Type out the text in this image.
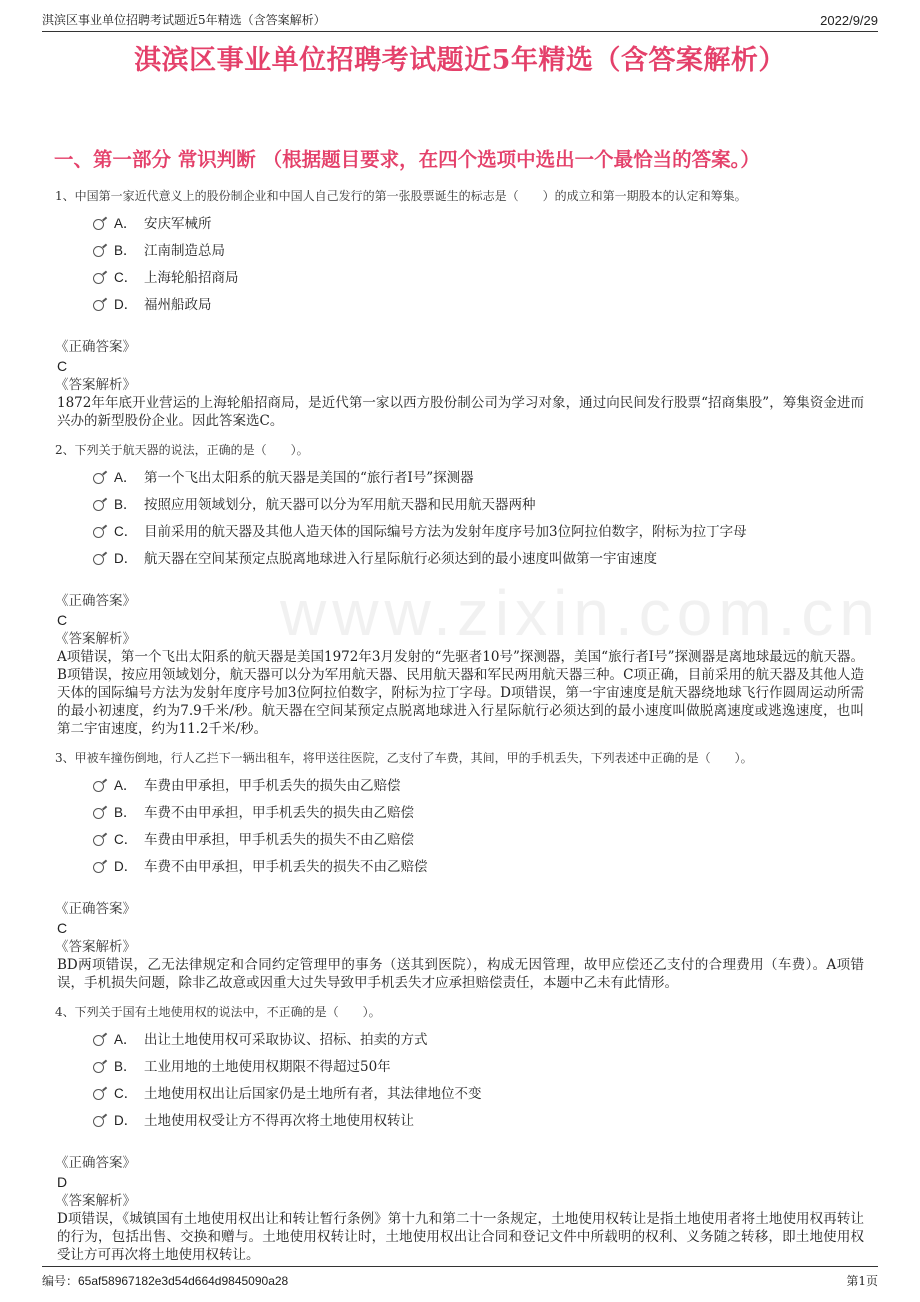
淇滨区事业单位招聘考试题近5年精选（含答案解析）	2022/9/29
淇滨区事业单位招聘考试题近5年精选（含答案解析）
一、第一部分 常识判断 （根据题目要求，在四个选项中选出一个最恰当的答案。）
www.zixin.com.cn
1、中国第一家近代意义上的股份制企业和中国人自己发行的第一张股票诞生的标志是（　　）的成立和第一期股本的认定和筹集。
A． 安庆军械所
B． 江南制造总局
C． 上海轮船招商局
D． 福州船政局
《正确答案》
C
《答案解析》
1872年年底开业营运的上海轮船招商局，是近代第一家以西方股份制公司为学习对象，通过向民间发行股票“招商集股”，筹集资金进而兴办的新型股份企业。因此答案选C。
2、下列关于航天器的说法，正确的是（　　）。
A． 第一个飞出太阳系的航天器是美国的“旅行者I号”探测器
B． 按照应用领域划分，航天器可以分为军用航天器和民用航天器两种
C． 目前采用的航天器及其他人造天体的国际编号方法为发射年度序号加3位阿拉伯数字，附标为拉丁字母
D． 航天器在空间某预定点脱离地球进入行星际航行必须达到的最小速度叫做第一宇宙速度
《正确答案》
C
《答案解析》
A项错误，第一个飞出太阳系的航天器是美国1972年3月发射的“先驱者10号”探测器，美国“旅行者I号”探测器是离地球最远的航天器。B项错误，按应用领域划分，航天器可以分为军用航天器、民用航天器和军民两用航天器三种。C项正确，目前采用的航天器及其他人造天体的国际编号方法为发射年度序号加3位阿拉伯数字，附标为拉丁字母。D项错误，第一宇宙速度是航天器绕地球飞行作圆周运动所需的最小初速度，约为7.9千米/秒。航天器在空间某预定点脱离地球进入行星际航行必须达到的最小速度叫做脱离速度或逃逸速度，也叫第二宇宙速度，约为11.2千米/秒。
3、甲被车撞伤倒地，行人乙拦下一辆出租车，将甲送往医院，乙支付了车费，其间，甲的手机丢失，下列表述中正确的是（　　）。
A． 车费由甲承担，甲手机丢失的损失由乙赔偿
B． 车费不由甲承担，甲手机丢失的损失由乙赔偿
C． 车费由甲承担，甲手机丢失的损失不由乙赔偿
D． 车费不由甲承担，甲手机丢失的损失不由乙赔偿
《正确答案》
C
《答案解析》
BD两项错误，乙无法律规定和合同约定管理甲的事务（送其到医院），构成无因管理，故甲应偿还乙支付的合理费用（车费）。A项错误，手机损失问题，除非乙故意或因重大过失导致甲手机丢失才应承担赔偿责任，本题中乙未有此情形。
4、下列关于国有土地使用权的说法中，不正确的是（　　）。
A． 出让土地使用权可采取协议、招标、拍卖的方式
B． 工业用地的土地使用权期限不得超过50年
C． 土地使用权出让后国家仍是土地所有者，其法律地位不变
D． 土地使用权受让方不得再次将土地使用权转让
《正确答案》
D
《答案解析》
D项错误，《城镇国有土地使用权出让和转让暂行条例》第十九和第二十一条规定，土地使用权转让是指土地使用者将土地使用权再转让的行为，包括出售、交换和赠与。土地使用权转让时，土地使用权出让合同和登记文件中所载明的权利、义务随之转移，即土地使用权受让方可再次将土地使用权转让。
编号：65af58967182e3d54d664d9845090a28	第1页
